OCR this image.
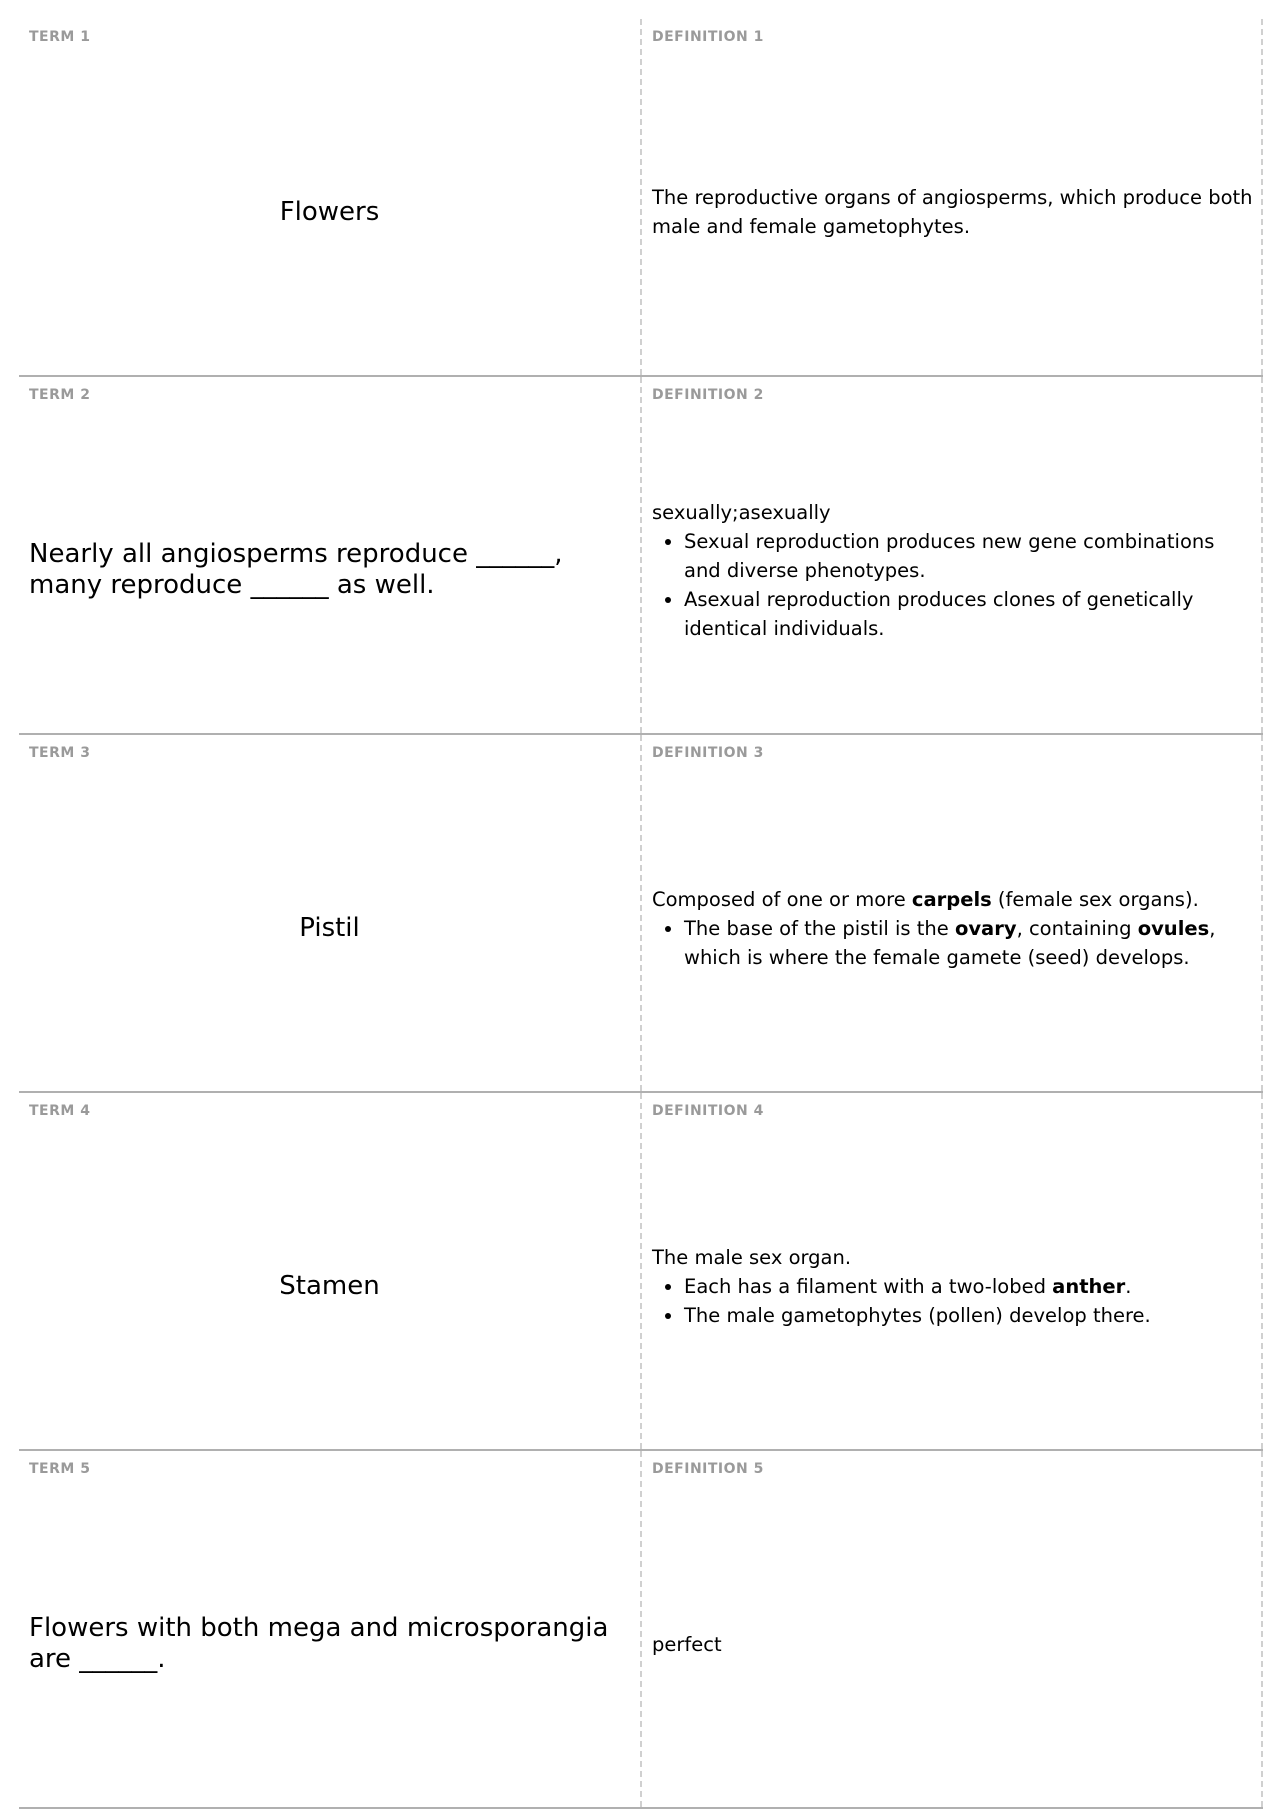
TERM 1
Flowers
DEFINITION 1
The reproductive organs of angiosperms, which produce both male and female gametophytes.
TERM 2
Nearly all angiosperms reproduce ______, many reproduce ______ as well.
DEFINITION 2
sexually;asexually
• Sexual reproduction produces new gene combinations and diverse phenotypes.
• Asexual reproduction produces clones of genetically identical individuals.
TERM 3
Pistil
DEFINITION 3
Composed of one or more carpels (female sex organs).
• The base of the pistil is the ovary, containing ovules, which is where the female gamete (seed) develops.
TERM 4
Stamen
DEFINITION 4
The male sex organ.
• Each has a filament with a two-lobed anther.
• The male gametophytes (pollen) develop there.
TERM 5
Flowers with both mega and microsporangia are ______.
DEFINITION 5
perfect
